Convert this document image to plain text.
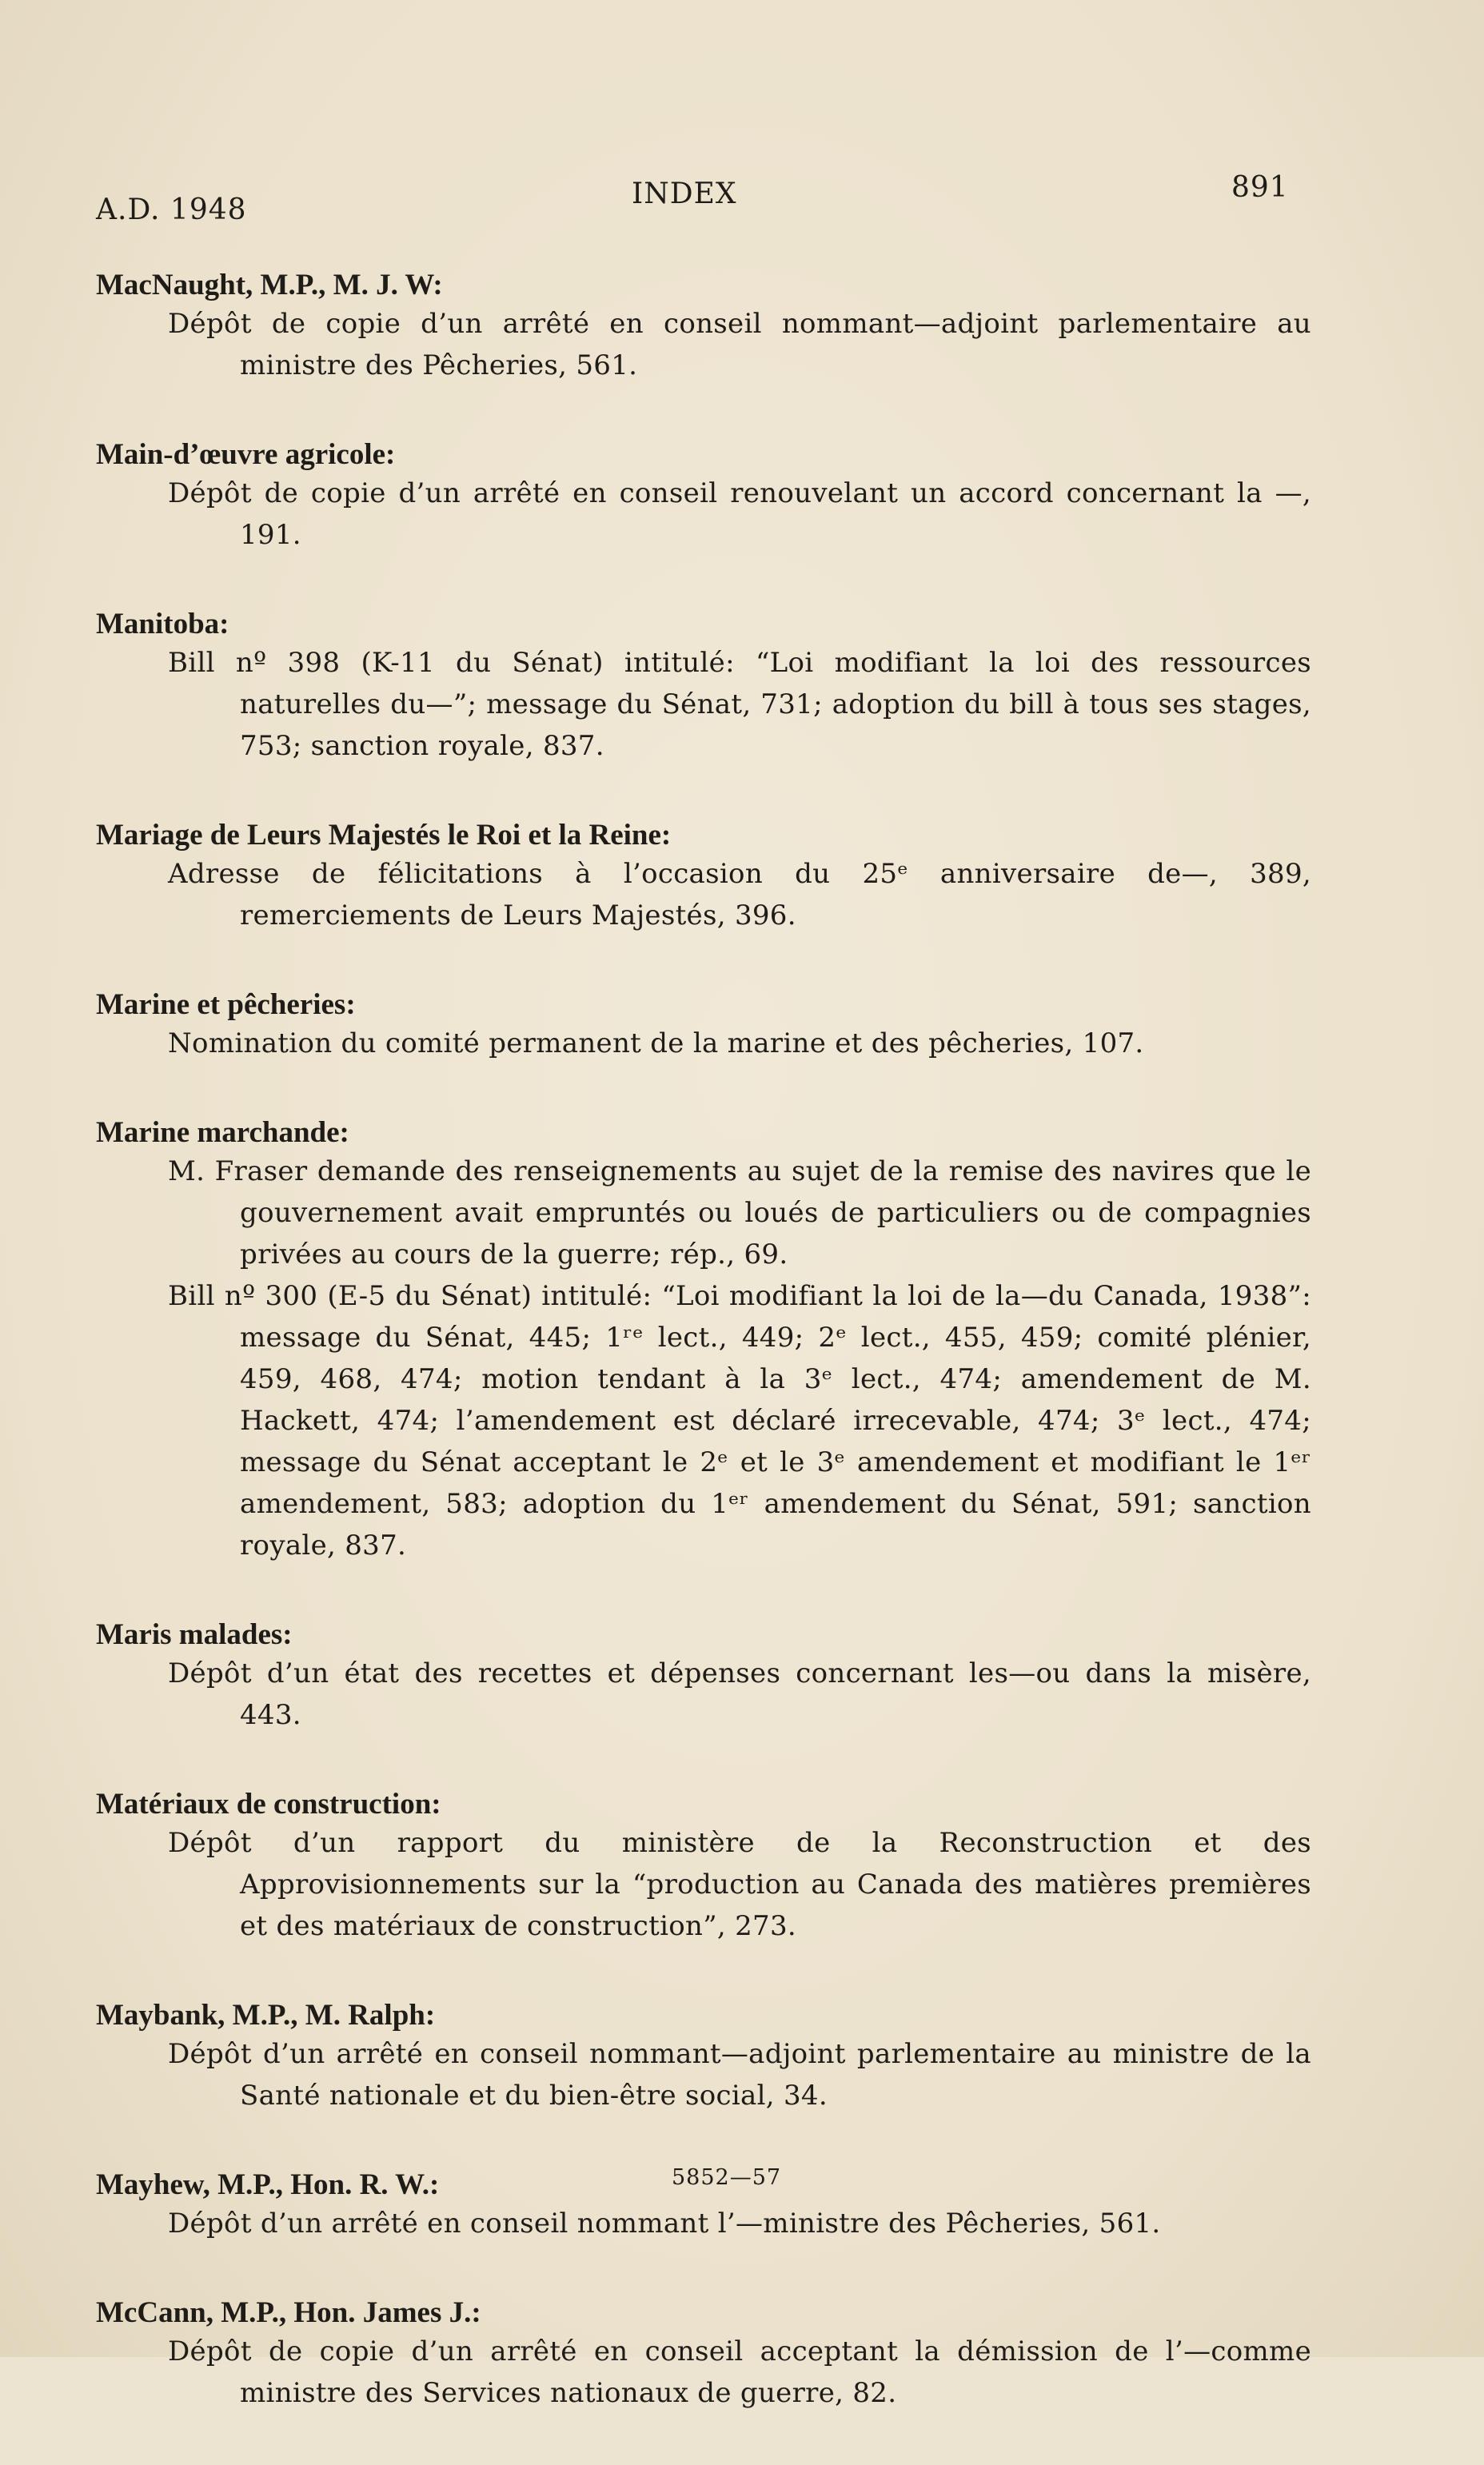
A.D. 1948	INDEX	891
MacNaught, M.P., M. J. W:
Dépôt de copie d’un arrêté en conseil nommant—adjoint parlementaire au ministre des Pêcheries, 561.
Main-d’œuvre agricole:
Dépôt de copie d’un arrêté en conseil renouvelant un accord concernant la —, 191.
Manitoba:
Bill nº 398 (K-11 du Sénat) intitulé: “Loi modifiant la loi des ressources naturelles du—”; message du Sénat, 731; adoption du bill à tous ses stages, 753; sanction royale, 837.
Mariage de Leurs Majestés le Roi et la Reine:
Adresse de félicitations à l’occasion du 25ᵉ anniversaire de—, 389, remerciements de Leurs Majestés, 396.
Marine et pêcheries:
Nomination du comité permanent de la marine et des pêcheries, 107.
Marine marchande:
M. Fraser demande des renseignements au sujet de la remise des navires que le gouvernement avait empruntés ou loués de particuliers ou de compagnies privées au cours de la guerre; rép., 69.
Bill nº 300 (E-5 du Sénat) intitulé: “Loi modifiant la loi de la—du Canada, 1938”: message du Sénat, 445; 1ʳᵉ lect., 449; 2ᵉ lect., 455, 459; comité plénier, 459, 468, 474; motion tendant à la 3ᵉ lect., 474; amendement de M. Hackett, 474; l’amendement est déclaré irrecevable, 474; 3ᵉ lect., 474; message du Sénat acceptant le 2ᵉ et le 3ᵉ amendement et modifiant le 1ᵉʳ amendement, 583; adoption du 1ᵉʳ amendement du Sénat, 591; sanction royale, 837.
Maris malades:
Dépôt d’un état des recettes et dépenses concernant les—ou dans la misère, 443.
Matériaux de construction:
Dépôt d’un rapport du ministère de la Reconstruction et des Approvisionnements sur la “production au Canada des matières premières et des matériaux de construction”, 273.
Maybank, M.P., M. Ralph:
Dépôt d’un arrêté en conseil nommant—adjoint parlementaire au ministre de la Santé nationale et du bien-être social, 34.
Mayhew, M.P., Hon. R. W.:
Dépôt d’un arrêté en conseil nommant l’—ministre des Pêcheries, 561.
McCann, M.P., Hon. James J.:
Dépôt de copie d’un arrêté en conseil acceptant la démission de l’—comme ministre des Services nationaux de guerre, 82.
5852—57
